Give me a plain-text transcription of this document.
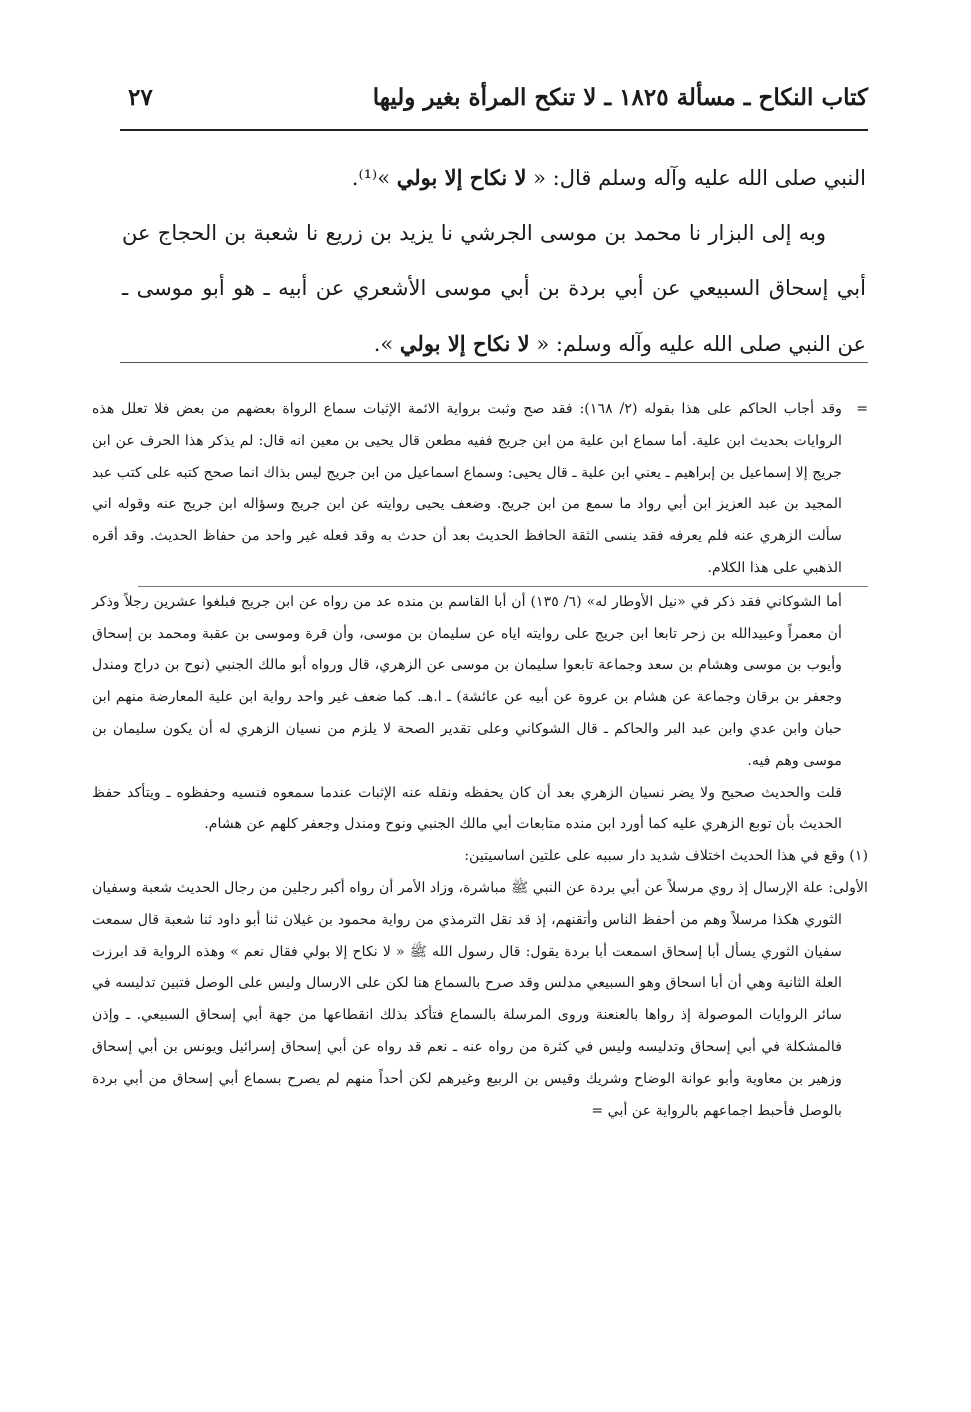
كتاب النكاح ـ مسألة ١٨٢٥ ـ لا تنكح المرأة بغير وليها
٢٧

النبي صلى الله عليه وآله وسلم قال: « لا نكاح إلا بولي »⁽¹⁾.

وبه إلى البزار نا محمد بن موسى الجرشي نا يزيد بن زريع نا شعبة بن الحجاج عن أبي إسحاق السبيعي عن أبي بردة بن أبي موسى الأشعري عن أبيه ـ هو أبو موسى ـ عن النبي صلى الله عليه وآله وسلم: « لا نكاح إلا بولي ».

=
وقد أجاب الحاكم على هذا بقوله (٢/ ١٦٨): فقد صح وثبت برواية الائمة الإثبات سماع الرواة بعضهم من بعض فلا تعلل هذه الروايات بحديث ابن علية. أما سماع ابن علية من ابن جريج ففيه مطعن قال يحيى بن معين انه قال: لم يذكر هذا الحرف عن ابن جريج إلا إسماعيل بن إبراهيم ـ يعني ابن علية ـ قال يحيى: وسماع اسماعيل من ابن جريج ليس بذاك انما صحح كتبه على كتب عبد المجيد بن عبد العزيز ابن أبي رواد ما سمع من ابن جريج. وضعف يحيى روايته عن ابن جريج وسؤاله ابن جريج عنه وقوله اني سألت الزهري عنه فلم يعرفه فقد ينسى الثقة الحافظ الحديث بعد أن حدث به وقد فعله غير واحد من حفاظ الحديث. وقد أقره الذهبي على هذا الكلام.

أما الشوكاني فقد ذكر في «نيل الأوطار له» (٦/ ١٣٥) أن أبا القاسم بن منده عد من رواه عن ابن جريج فبلغوا عشرين رجلاً وذكر أن معمراً وعبيدالله بن زحر تابعا ابن جريج على روايته اياه عن سليمان بن موسى، وأن قرة وموسى بن عقبة ومحمد بن إسحاق وأيوب بن موسى وهشام بن سعد وجماعة تابعوا سليمان بن موسى عن الزهري، قال ورواه أبو مالك الجنبي (نوح بن دراج ومندل وجعفر بن برقان وجماعة عن هشام بن عروة عن أبيه عن عائشة) ـ ا.هـ. كما ضعف غير واحد رواية ابن علية المعارضة منهم ابن حبان وابن عدي وابن عبد البر والحاكم ـ قال الشوكاني وعلى تقدير الصحة لا يلزم من نسيان الزهري له أن يكون سليمان بن موسى وهم فيه.

قلت والحديث صحيح ولا يضر نسيان الزهري بعد أن كان يحفظه ونقله عنه الإثبات عندما سمعوه فنسيه وحفظوه ـ ويتأكد حفظ الحديث بأن توبع الزهري عليه كما أورد ابن منده متابعات أبي مالك الجنبي ونوح ومندل وجعفر كلهم عن هشام.

(١) وقع في هذا الحديث اختلاف شديد دار سببه على علتين اساسيتين:

الأولى: علة الإرسال إذ روي مرسلاً عن أبي بردة عن النبي ﷺ مباشرة، وزاد الأمر أن رواه أكبر رجلين من رجال الحديث شعبة وسفيان الثوري هكذا مرسلاً وهم من أحفظ الناس وأتقنهم، إذ قد نقل الترمذي من رواية محمود بن غيلان ثنا أبو داود ثنا شعبة قال سمعت سفيان الثوري يسأل أبا إسحاق اسمعت أبا بردة يقول: قال رسول الله ﷺ « لا نكاح إلا بولي فقال نعم » وهذه الرواية قد ابرزت العلة الثانية وهي أن أبا اسحاق وهو السبيعي مدلس وقد صرح بالسماع هنا لكن على الارسال وليس على الوصل فتبين تدليسه في سائر الروايات الموصولة إذ رواها بالعنعنة وروى المرسلة بالسماع فتأكد بذلك انقطاعها من جهة أبي إسحاق السبيعي. ـ وإذن فالمشكلة في أبي إسحاق وتدليسه وليس في كثرة من رواه عنه ـ نعم قد رواه عن أبي إسحاق إسرائيل ويونس بن أبي إسحاق وزهير بن معاوية وأبو عوانة الوضاح وشريك وقيس بن الربيع وغيرهم لكن أحداً منهم لم يصرح بسماع أبي إسحاق من أبي بردة بالوصل فأحبط اجماعهم بالرواية عن أبي =
